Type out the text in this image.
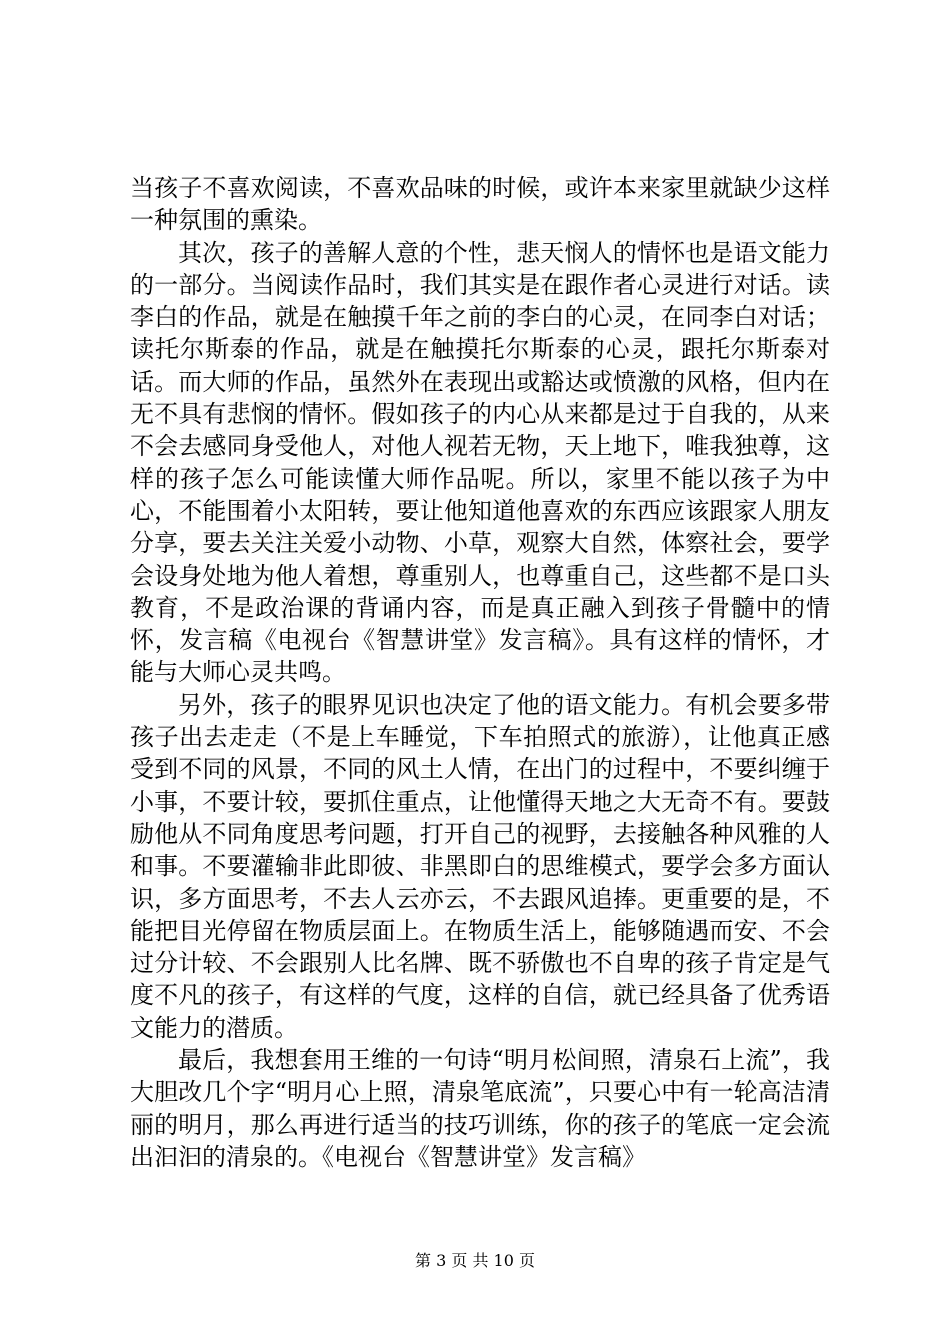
当孩子不喜欢阅读，不喜欢品味的时候，或许本来家里就缺少这样一种氛围的熏染。

其次，孩子的善解人意的个性，悲天悯人的情怀也是语文能力的一部分。当阅读作品时，我们其实是在跟作者心灵进行对话。读李白的作品，就是在触摸千年之前的李白的心灵，在同李白对话；读托尔斯泰的作品，就是在触摸托尔斯泰的心灵，跟托尔斯泰对话。而大师的作品，虽然外在表现出或豁达或愤激的风格，但内在无不具有悲悯的情怀。假如孩子的内心从来都是过于自我的，从来不会去感同身受他人，对他人视若无物，天上地下，唯我独尊，这样的孩子怎么可能读懂大师作品呢。所以，家里不能以孩子为中心，不能围着小太阳转，要让他知道他喜欢的东西应该跟家人朋友分享，要去关注关爱小动物、小草，观察大自然，体察社会，要学会设身处地为他人着想，尊重别人，也尊重自己，这些都不是口头教育，不是政治课的背诵内容，而是真正融入到孩子骨髓中的情怀，发言稿《电视台《智慧讲堂》发言稿》。具有这样的情怀，才能与大师心灵共鸣。

另外，孩子的眼界见识也决定了他的语文能力。有机会要多带孩子出去走走（不是上车睡觉，下车拍照式的旅游），让他真正感受到不同的风景，不同的风土人情，在出门的过程中，不要纠缠于小事，不要计较，要抓住重点，让他懂得天地之大无奇不有。要鼓励他从不同角度思考问题，打开自己的视野，去接触各种风雅的人和事。不要灌输非此即彼、非黑即白的思维模式，要学会多方面认识，多方面思考，不去人云亦云，不去跟风追捧。更重要的是，不能把目光停留在物质层面上。在物质生活上，能够随遇而安、不会过分计较、不会跟别人比名牌、既不骄傲也不自卑的孩子肯定是气度不凡的孩子，有这样的气度，这样的自信，就已经具备了优秀语文能力的潜质。

最后，我想套用王维的一句诗“明月松间照，清泉石上流”，我大胆改几个字“明月心上照，清泉笔底流”，只要心中有一轮高洁清丽的明月，那么再进行适当的技巧训练，你的孩子的笔底一定会流出汩汩的清泉的。《电视台《智慧讲堂》发言稿》

第 3 页 共 10 页
